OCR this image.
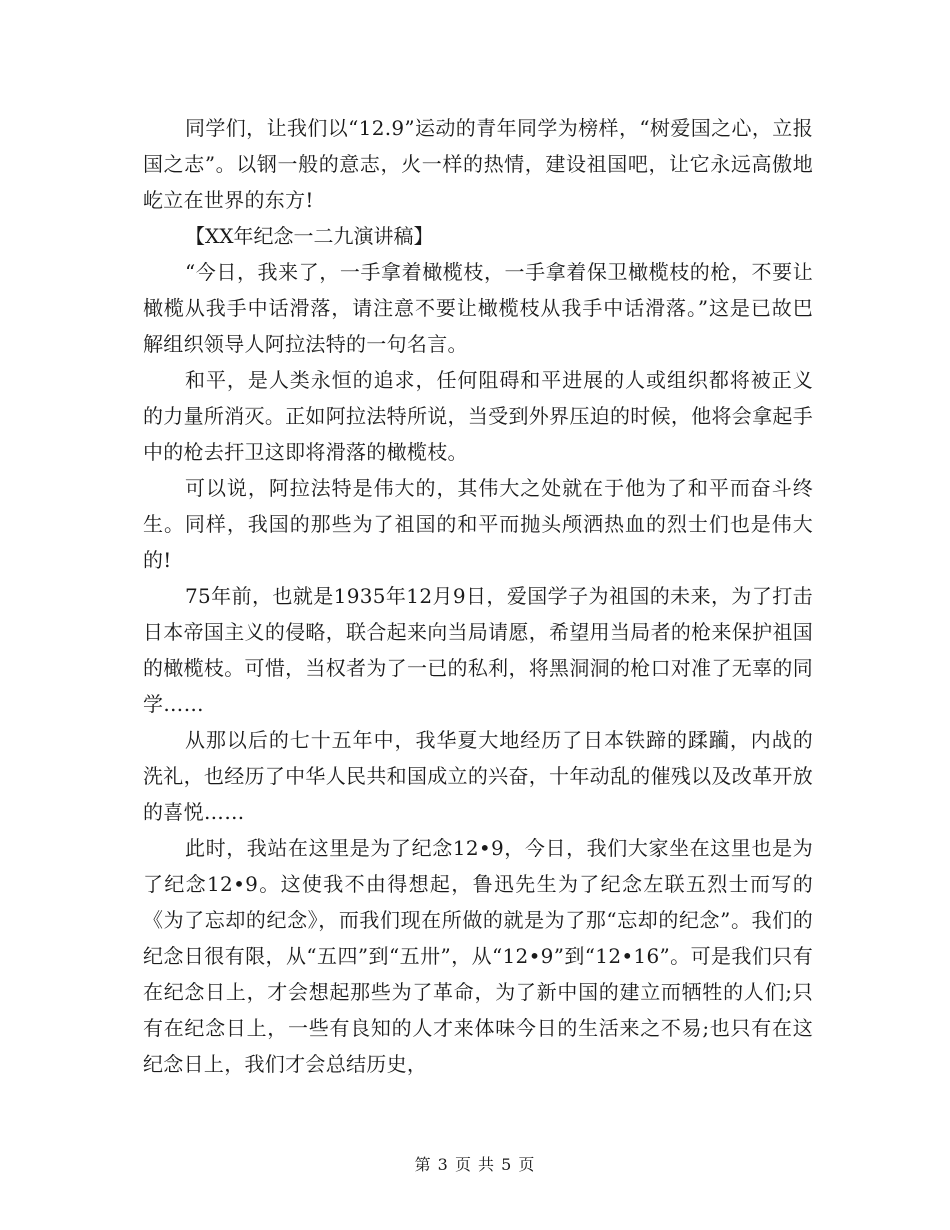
同学们，让我们以“12.9”运动的青年同学为榜样，“树爱国之心，立报国之志”。以钢一般的意志，火一样的热情，建设祖国吧，让它永远高傲地屹立在世界的东方!

【XX年纪念一二九演讲稿】

“今日，我来了，一手拿着橄榄枝，一手拿着保卫橄榄枝的枪，不要让橄榄从我手中话滑落，请注意不要让橄榄枝从我手中话滑落。”这是已故巴解组织领导人阿拉法特的一句名言。

和平，是人类永恒的追求，任何阻碍和平进展的人或组织都将被正义的力量所消灭。正如阿拉法特所说，当受到外界压迫的时候，他将会拿起手中的枪去扞卫这即将滑落的橄榄枝。

可以说，阿拉法特是伟大的，其伟大之处就在于他为了和平而奋斗终生。同样，我国的那些为了祖国的和平而抛头颅洒热血的烈士们也是伟大的!

75年前，也就是1935年12月9日，爱国学子为祖国的未来，为了打击日本帝国主义的侵略，联合起来向当局请愿，希望用当局者的枪来保护祖国的橄榄枝。可惜，当权者为了一已的私利，将黑洞洞的枪口对准了无辜的同学……

从那以后的七十五年中，我华夏大地经历了日本铁蹄的蹂躏，内战的洗礼，也经历了中华人民共和国成立的兴奋，十年动乱的催残以及改革开放的喜悦……

此时，我站在这里是为了纪念12•9，今日，我们大家坐在这里也是为了纪念12•9。这使我不由得想起，鲁迅先生为了纪念左联五烈士而写的《为了忘却的纪念》，而我们现在所做的就是为了那“忘却的纪念”。我们的纪念日很有限，从“五四”到“五卅”，从“12•9”到“12•16”。可是我们只有在纪念日上，才会想起那些为了革命，为了新中国的建立而牺牲的人们;只有在纪念日上，一些有良知的人才来体味今日的生活来之不易;也只有在这纪念日上，我们才会总结历史，

第 3 页 共 5 页
